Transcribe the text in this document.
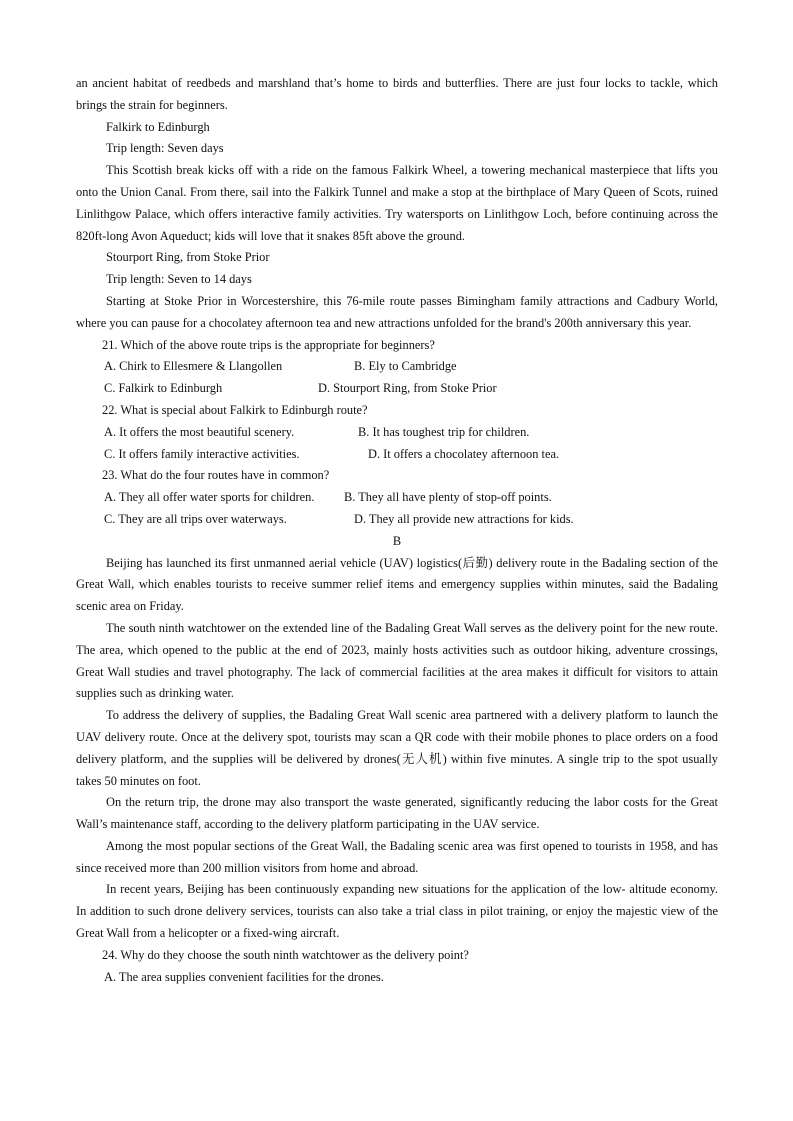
an ancient habitat of reedbeds and marshland that’s home to birds and butterflies. There are just four locks to tackle, which brings the strain for beginners.

Falkirk to Edinburgh

Trip length: Seven days

This Scottish break kicks off with a ride on the famous Falkirk Wheel, a towering mechanical masterpiece that lifts you onto the Union Canal. From there, sail into the Falkirk Tunnel and make a stop at the birthplace of Mary Queen of Scots, ruined Linlithgow Palace, which offers interactive family activities. Try watersports on Linlithgow Loch, before continuing across the 820ft-long Avon Aqueduct; kids will love that it snakes 85ft above the ground.

Stourport Ring, from Stoke Prior

Trip length: Seven to 14 days

Starting at Stoke Prior in Worcestershire, this 76-mile route passes Bimingham family attractions and Cadbury World, where you can pause for a chocolatey afternoon tea and new attractions unfolded for the brand's 200th anniversary this year.

21. Which of the above route trips is the appropriate for beginners?

A. Chirk to Ellesmere & Llangollen	B. Ely to Cambridge

C. Falkirk to Edinburgh	D. Stourport Ring, from Stoke Prior

22. What is special about Falkirk to Edinburgh route?

A. It offers the most beautiful scenery.	B. It has toughest trip for children.

C. It offers family interactive activities.	D. It offers a chocolatey afternoon tea.

23. What do the four routes have in common?

A. They all offer water sports for children. B. They all have plenty of stop-off points.

C. They are all trips over waterways.	D. They all provide new attractions for kids.

B

Beijing has launched its first unmanned aerial vehicle (UAV) logistics(后勤) delivery route in the Badaling section of the Great Wall, which enables tourists to receive summer relief items and emergency supplies within minutes, said the Badaling scenic area on Friday.

The south ninth watchtower on the extended line of the Badaling Great Wall serves as the delivery point for the new route. The area, which opened to the public at the end of 2023, mainly hosts activities such as outdoor hiking, adventure crossings, Great Wall studies and travel photography. The lack of commercial facilities at the area makes it difficult for visitors to attain supplies such as drinking water.

To address the delivery of supplies, the Badaling Great Wall scenic area partnered with a delivery platform to launch the UAV delivery route. Once at the delivery spot, tourists may scan a QR code with their mobile phones to place orders on a food delivery platform, and the supplies will be delivered by drones(无人机) within five minutes. A single trip to the spot usually takes 50 minutes on foot.

On the return trip, the drone may also transport the waste generated, significantly reducing the labor costs for the Great Wall’s maintenance staff, according to the delivery platform participating in the UAV service.

Among the most popular sections of the Great Wall, the Badaling scenic area was first opened to tourists in 1958, and has since received more than 200 million visitors from home and abroad.

In recent years, Beijing has been continuously expanding new situations for the application of the low- altitude economy. In addition to such drone delivery services, tourists can also take a trial class in pilot training, or enjoy the majestic view of the Great Wall from a helicopter or a fixed-wing aircraft.

24. Why do they choose the south ninth watchtower as the delivery point?

A. The area supplies convenient facilities for the drones.
